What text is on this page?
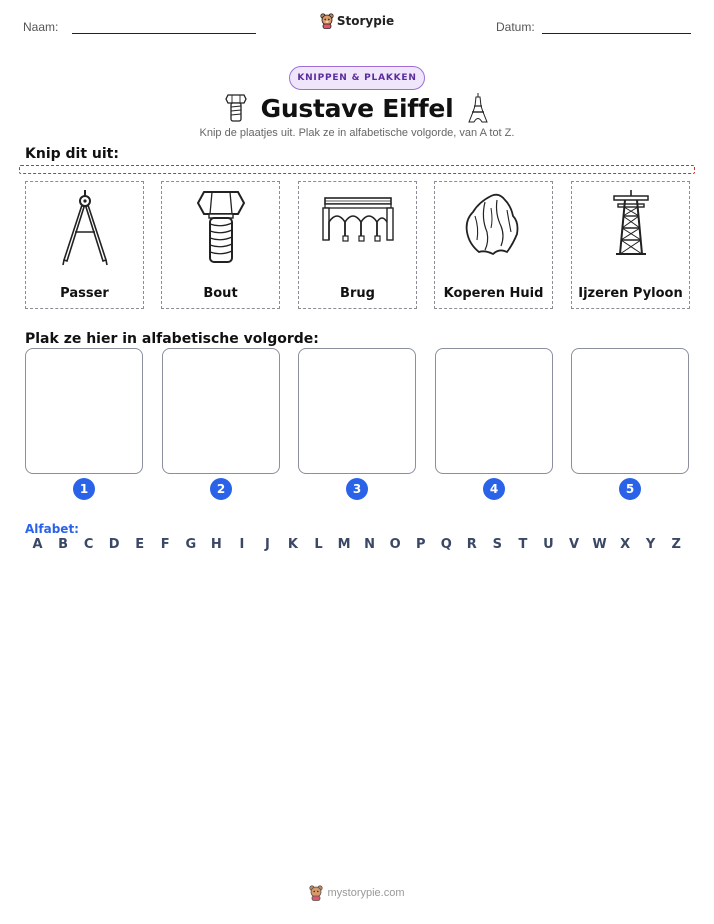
Naam:	Storypie	Datum:
KNIPPEN & PLAKKEN
Gustave Eiffel
Knip de plaatjes uit. Plak ze in alfabetische volgorde, van A tot Z.
Knip dit uit:
Passer	Bout	Brug	Koperen Huid	Ijzeren Pyloon
Plak ze hier in alfabetische volgorde:
1	2	3	4	5
Alfabet:
A	B	C	D	E	F	G	H	I	J	K	L	M	N	O	P	Q	R	S	T	U	V	W	X	Y	Z
mystorypie.com
